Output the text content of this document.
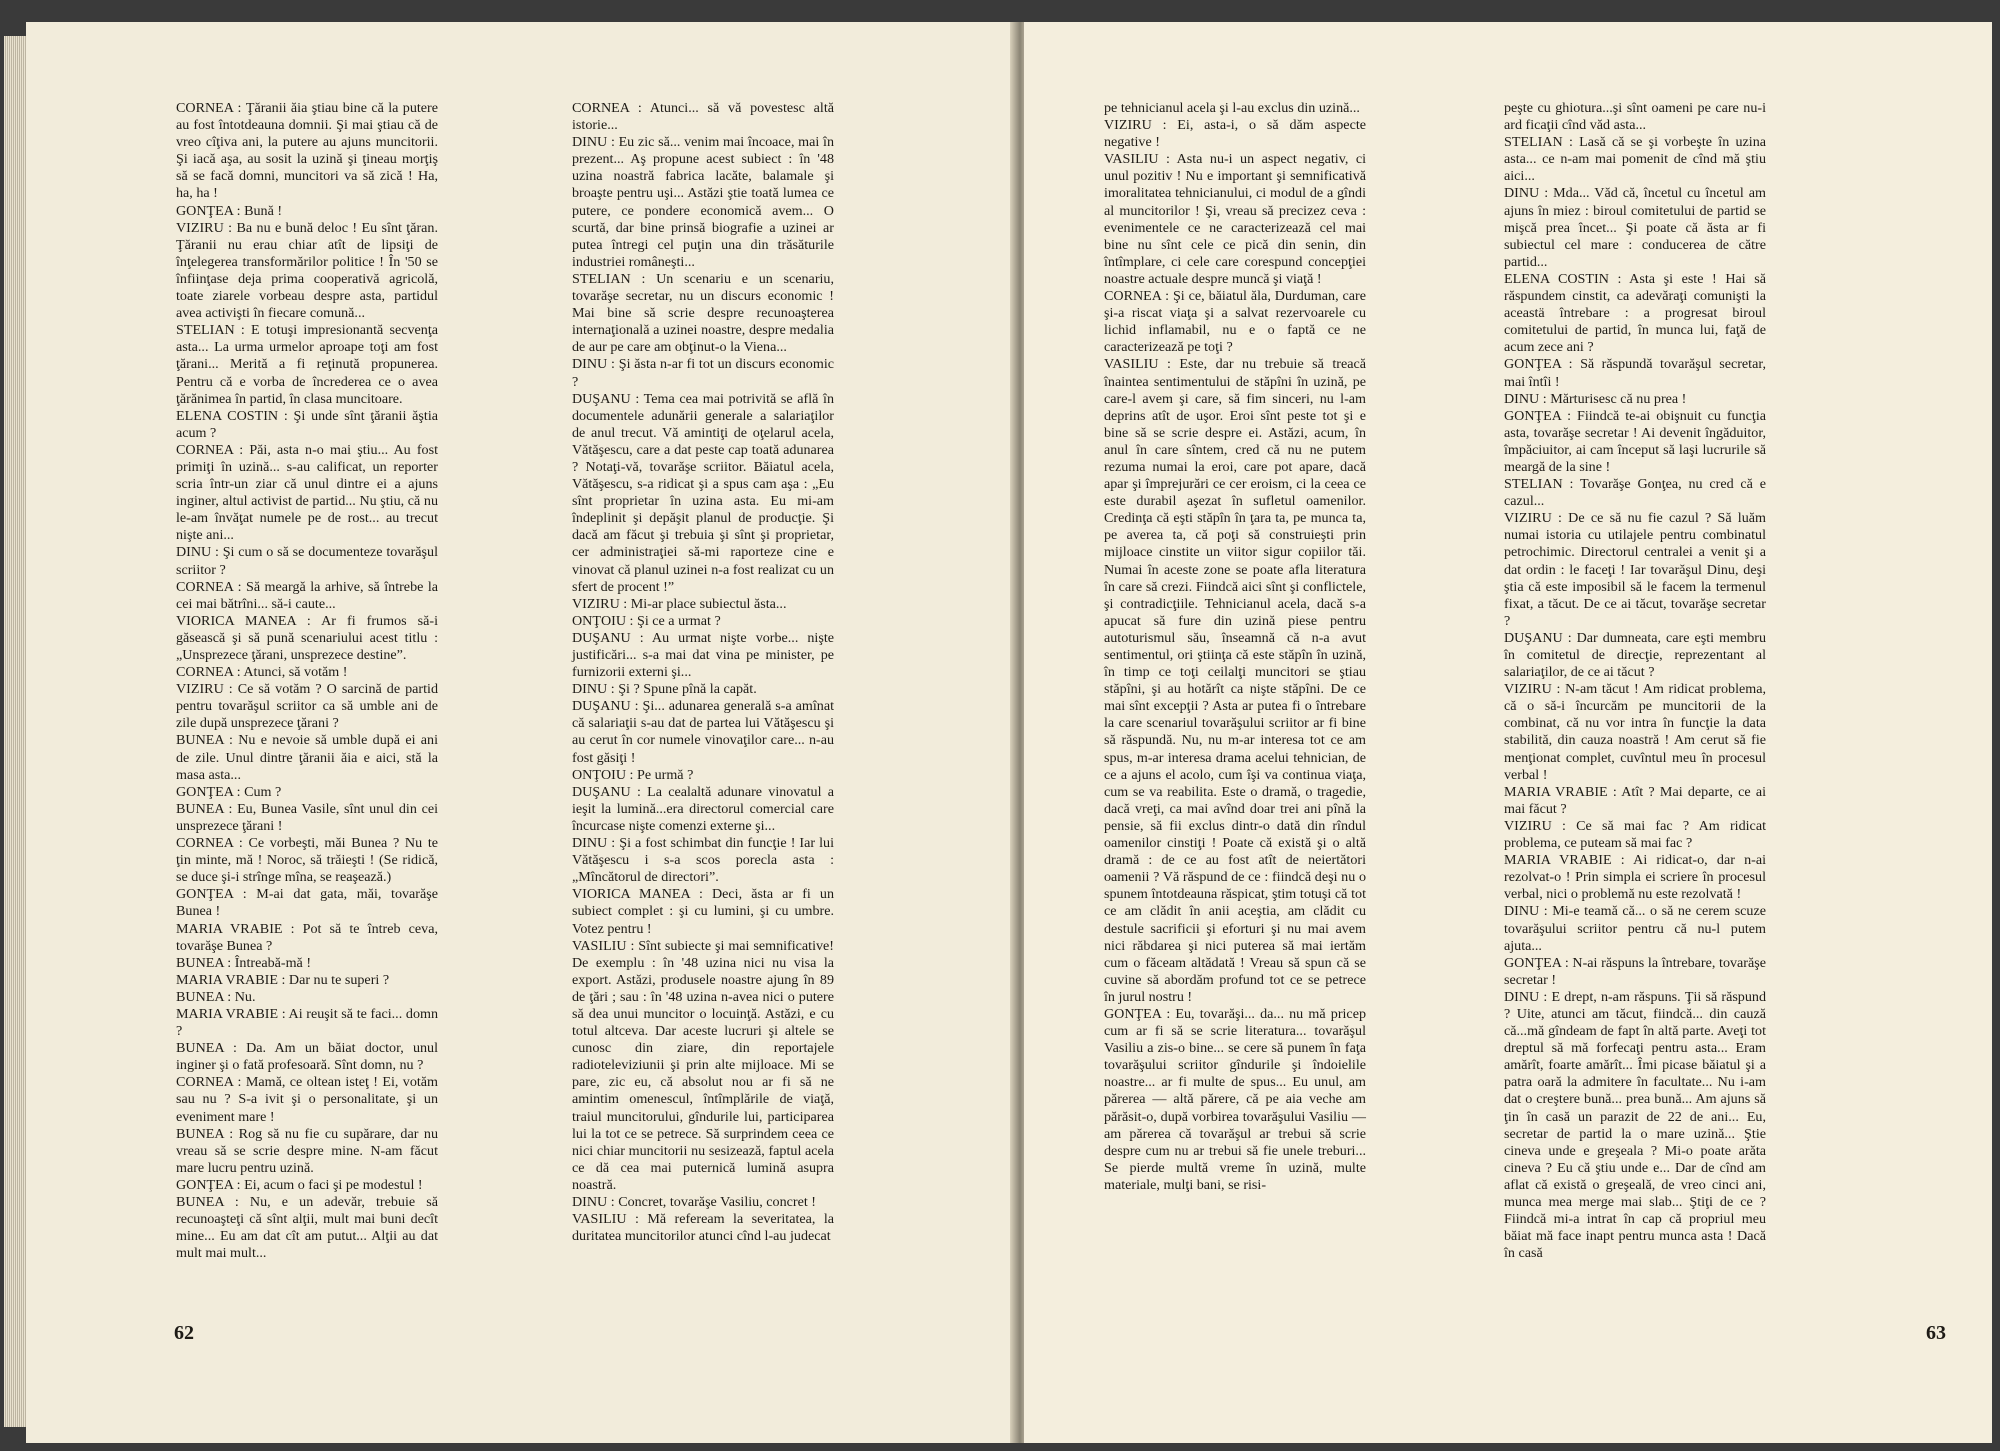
CORNEA : Ţăranii ăia ştiau bine că la putere au fost întotdeauna domnii. Şi mai ştiau că de vreo cîţiva ani, la putere au ajuns muncitorii. Şi iacă aşa, au sosit la uzină şi ţineau morţiş să se facă domni, muncitori va să zică ! Ha, ha, ha !

GONŢEA : Bună !

VIZIRU : Ba nu e bună deloc ! Eu sînt ţăran. Ţăranii nu erau chiar atît de lipsiţi de înţelegerea transformărilor politice ! În '50 se înfiinţase deja prima cooperativă agricolă, toate ziarele vorbeau despre asta, partidul avea activişti în fiecare comună...

STELIAN : E totuşi impresionantă secvenţa asta... La urma urmelor aproape toţi am fost ţărani... Merită a fi reţinută propunerea. Pentru că e vorba de încrederea ce o avea ţărănimea în partid, în clasa muncitoare.

ELENA COSTIN : Şi unde sînt ţăranii ăştia acum ?

CORNEA : Păi, asta n-o mai ştiu... Au fost primiţi în uzină... s-au calificat, un reporter scria într-un ziar că unul dintre ei a ajuns inginer, altul activist de partid... Nu ştiu, că nu le-am învăţat numele pe de rost... au trecut nişte ani...

DINU : Şi cum o să se documenteze tovarăşul scriitor ?

CORNEA : Să meargă la arhive, să întrebe la cei mai bătrîni... să-i caute...

VIORICA MANEA : Ar fi frumos să-i găsească şi să pună scenariului acest titlu : „Unsprezece ţărani, unsprezece destine”.

CORNEA : Atunci, să votăm !

VIZIRU : Ce să votăm ? O sarcină de partid pentru tovarăşul scriitor ca să umble ani de zile după unsprezece ţărani ?

BUNEA : Nu e nevoie să umble după ei ani de zile. Unul dintre ţăranii ăia e aici, stă la masa asta...

GONŢEA : Cum ?

BUNEA : Eu, Bunea Vasile, sînt unul din cei unsprezece ţărani !

CORNEA : Ce vorbeşti, măi Bunea ? Nu te ţin minte, mă ! Noroc, să trăieşti ! (Se ridică, se duce şi-i strînge mîna, se reaşează.)

GONŢEA : M-ai dat gata, măi, tovarăşe Bunea !

MARIA VRABIE : Pot să te întreb ceva, tovarăşe Bunea ?

BUNEA : Întreabă-mă !

MARIA VRABIE : Dar nu te superi ?

BUNEA : Nu.

MARIA VRABIE : Ai reuşit să te faci... domn ?

BUNEA : Da. Am un băiat doctor, unul inginer şi o fată profesoară. Sînt domn, nu ?

CORNEA : Mamă, ce oltean isteţ ! Ei, votăm sau nu ? S-a ivit şi o personalitate, şi un eveniment mare !

BUNEA : Rog să nu fie cu supărare, dar nu vreau să se scrie despre mine. N-am făcut mare lucru pentru uzină.

GONŢEA : Ei, acum o faci şi pe modestul !

BUNEA : Nu, e un adevăr, trebuie să recunoaşteţi că sînt alţii, mult mai buni decît mine... Eu am dat cît am putut... Alţii au dat mult mai mult...

CORNEA : Atunci... să vă povestesc altă istorie...

DINU : Eu zic să... venim mai încoace, mai în prezent... Aş propune acest subiect : în '48 uzina noastră fabrica lacăte, balamale şi broaşte pentru uşi... Astăzi ştie toată lumea ce putere, ce pondere economică avem... O scurtă, dar bine prinsă biografie a uzinei ar putea întregi cel puţin una din trăsăturile industriei româneşti...

STELIAN : Un scenariu e un scenariu, tovarăşe secretar, nu un discurs economic ! Mai bine să scrie despre recunoaşterea internaţională a uzinei noastre, despre medalia de aur pe care am obţinut-o la Viena...

DINU : Şi ăsta n-ar fi tot un discurs economic ?

DUŞANU : Tema cea mai potrivită se află în documentele adunării generale a salariaţilor de anul trecut. Vă amintiţi de oţelarul acela, Vătăşescu, care a dat peste cap toată adunarea ? Notaţi-vă, tovarăşe scriitor. Băiatul acela, Vătăşescu, s-a ridicat şi a spus cam aşa : „Eu sînt proprietar în uzina asta. Eu mi-am îndeplinit şi depăşit planul de producţie. Şi dacă am făcut şi trebuia şi sînt şi proprietar, cer administraţiei să-mi raporteze cine e vinovat că planul uzinei n-a fost realizat cu un sfert de procent !”

VIZIRU : Mi-ar place subiectul ăsta...

ONŢOIU : Şi ce a urmat ?

DUŞANU : Au urmat nişte vorbe... nişte justificări... s-a mai dat vina pe minister, pe furnizorii externi şi...

DINU : Şi ? Spune pînă la capăt.

DUŞANU : Şi... adunarea generală s-a amînat că salariaţii s-au dat de partea lui Vătăşescu şi au cerut în cor numele vinovaţilor care... n-au fost găsiţi !

ONŢOIU : Pe urmă ?

DUŞANU : La cealaltă adunare vinovatul a ieşit la lumină...era directorul comercial care încurcase nişte comenzi externe şi...

DINU : Şi a fost schimbat din funcţie ! Iar lui Vătăşescu i s-a scos porecla asta : „Mîncătorul de directori”.

VIORICA MANEA : Deci, ăsta ar fi un subiect complet : şi cu lumini, şi cu umbre. Votez pentru !

VASILIU : Sînt subiecte şi mai semnificative! De exemplu : în '48 uzina nici nu visa la export. Astăzi, produsele noastre ajung în 89 de ţări ; sau : în '48 uzina n-avea nici o putere să dea unui muncitor o locuinţă. Astăzi, e cu totul altceva. Dar aceste lucruri şi altele se cunosc din ziare, din reportajele radioteleviziunii şi prin alte mijloace. Mi se pare, zic eu, că absolut nou ar fi să ne amintim omenescul, întîmplările de viaţă, traiul muncitorului, gîndurile lui, participarea lui la tot ce se petrece. Să surprindem ceea ce nici chiar muncitorii nu sesizează, faptul acela ce dă cea mai puternică lumină asupra noastră.

DINU : Concret, tovarăşe Vasiliu, concret !

VASILIU : Mă refeream la severitatea, la duritatea muncitorilor atunci cînd l-au judecat

62

pe tehnicianul acela şi l-au exclus din uzină...

VIZIRU : Ei, asta-i, o să dăm aspecte negative !

VASILIU : Asta nu-i un aspect negativ, ci unul pozitiv ! Nu e important şi semnificativă imoralitatea tehnicianului, ci modul de a gîndi al muncitorilor ! Şi, vreau să precizez ceva : evenimentele ce ne caracterizează cel mai bine nu sînt cele ce pică din senin, din întîmplare, ci cele care corespund concepţiei noastre actuale despre muncă şi viaţă !

CORNEA : Şi ce, băiatul ăla, Durduman, care şi-a riscat viaţa şi a salvat rezervoarele cu lichid inflamabil, nu e o faptă ce ne caracterizează pe toţi ?

VASILIU : Este, dar nu trebuie să treacă înaintea sentimentului de stăpîni în uzină, pe care-l avem şi care, să fim sinceri, nu l-am deprins atît de uşor. Eroi sînt peste tot şi e bine să se scrie despre ei. Astăzi, acum, în anul în care sîntem, cred că nu ne putem rezuma numai la eroi, care pot apare, dacă apar şi împrejurări ce cer eroism, ci la ceea ce este durabil aşezat în sufletul oamenilor. Credinţa că eşti stăpîn în ţara ta, pe munca ta, pe averea ta, că poţi să construieşti prin mijloace cinstite un viitor sigur copiilor tăi. Numai în aceste zone se poate afla literatura în care să crezi. Fiindcă aici sînt şi conflictele, şi contradicţiile. Tehnicianul acela, dacă s-a apucat să fure din uzină piese pentru autoturismul său, înseamnă că n-a avut sentimentul, ori ştiinţa că este stăpîn în uzină, în timp ce toţi ceilalţi muncitori se ştiau stăpîni, şi au hotărît ca nişte stăpîni. De ce mai sînt excepţii ? Asta ar putea fi o întrebare la care scenariul tovarăşului scriitor ar fi bine să răspundă. Nu, nu m-ar interesa tot ce am spus, m-ar interesa drama acelui tehnician, de ce a ajuns el acolo, cum îşi va continua viaţa, cum se va reabilita. Este o dramă, o tragedie, dacă vreţi, ca mai avînd doar trei ani pînă la pensie, să fii exclus dintr-o dată din rîndul oamenilor cinstiţi ! Poate că există şi o altă dramă : de ce au fost atît de neiertători oamenii ? Vă răspund de ce : fiindcă deşi nu o spunem întotdeauna răspicat, ştim totuşi că tot ce am clădit în anii aceştia, am clădit cu destule sacrificii şi eforturi şi nu mai avem nici răbdarea şi nici puterea să mai iertăm cum o făceam altădată ! Vreau să spun că se cuvine să abordăm profund tot ce se petrece în jurul nostru !

GONŢEA : Eu, tovarăşi... da... nu mă pricep cum ar fi să se scrie literatura... tovarăşul Vasiliu a zis-o bine... se cere să punem în faţa tovarăşului scriitor gîndurile şi îndoielile noastre... ar fi multe de spus... Eu unul, am părerea — altă părere, că pe aia veche am părăsit-o, după vorbirea tovarăşului Vasiliu — am părerea că tovarăşul ar trebui să scrie despre cum nu ar trebui să fie unele treburi... Se pierde multă vreme în uzină, multe materiale, mulţi bani, se risi-

peşte cu ghiotura...şi sînt oameni pe care nu-i ard ficaţii cînd văd asta...

STELIAN : Lasă că se şi vorbeşte în uzina asta... ce n-am mai pomenit de cînd mă ştiu aici...

DINU : Mda... Văd că, încetul cu încetul am ajuns în miez : biroul comitetului de partid se mişcă prea încet... Şi poate că ăsta ar fi subiectul cel mare : conducerea de către partid...

ELENA COSTIN : Asta şi este ! Hai să răspundem cinstit, ca adevăraţi comunişti la aceastä întrebare : a progresat biroul comitetului de partid, în munca lui, faţă de acum zece ani ?

GONŢEA : Să răspundă tovarăşul secretar, mai întîi !

DINU : Mărturisesc că nu prea !

GONŢEA : Fiindcă te-ai obişnuit cu funcţia asta, tovarăşe secretar ! Ai devenit îngăduitor, împăciuitor, ai cam început să laşi lucrurile să meargă de la sine !

STELIAN : Tovarăşe Gonţea, nu cred că e cazul...

VIZIRU : De ce să nu fie cazul ? Să luăm numai istoria cu utilajele pentru combinatul petrochimic. Directorul centralei a venit şi a dat ordin : le faceţi ! Iar tovarăşul Dinu, deşi ştia că este imposibil să le facem la termenul fixat, a tăcut. De ce ai tăcut, tovarăşe secretar ?

DUŞANU : Dar dumneata, care eşti membru în comitetul de direcţie, reprezentant al salariaţilor, de ce ai tăcut ?

VIZIRU : N-am tăcut ! Am ridicat problema, că o să-i încurcăm pe muncitorii de la combinat, că nu vor intra în funcţie la data stabilită, din cauza noastră ! Am cerut să fie menţionat complet, cuvîntul meu în procesul verbal !

MARIA VRABIE : Atît ? Mai departe, ce ai mai făcut ?

VIZIRU : Ce să mai fac ? Am ridicat problema, ce puteam să mai fac ?

MARIA VRABIE : Ai ridicat-o, dar n-ai rezolvat-o ! Prin simpla ei scriere în procesul verbal, nici o problemă nu este rezolvată !

DINU : Mi-e teamă că... o să ne cerem scuze tovarăşului scriitor pentru că nu-l putem ajuta...

GONŢEA : N-ai răspuns la întrebare, tovarăşe secretar !

DINU : E drept, n-am răspuns. Ţii să răspund ? Uite, atunci am tăcut, fiindcă... din cauză că...mă gîndeam de fapt în altă parte. Aveţi tot dreptul să mă forfecaţi pentru asta... Eram amărît, foarte amărît... Îmi picase băiatul şi a patra oară la admitere în facultate... Nu i-am dat o creştere bună... prea bună... Am ajuns să ţin în casă un parazit de 22 de ani... Eu, secretar de partid la o mare uzină... Ştie cineva unde e greşeala ? Mi-o poate arăta cineva ? Eu că ştiu unde e... Dar de cînd am aflat că există o greşeală, de vreo cinci ani, munca mea merge mai slab... Ştiţi de ce ? Fiindcă mi-a intrat în cap că propriul meu băiat mă face inapt pentru munca asta ! Dacă în casă

63
